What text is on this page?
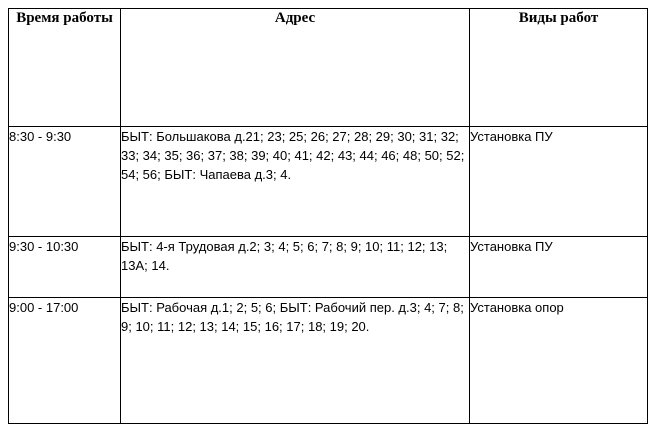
Время работы	Адрес	Виды работ
8:30 - 9:30	БЫТ: Большакова д.21; 23; 25; 26; 27; 28; 29; 30; 31; 32; 33; 34; 35; 36; 37; 38; 39; 40; 41; 42; 43; 44; 46; 48; 50; 52; 54; 56; БЫТ: Чапаева д.3; 4.	Установка ПУ
9:30 - 10:30	БЫТ: 4-я Трудовая д.2; 3; 4; 5; 6; 7; 8; 9; 10; 11; 12; 13; 13А; 14.	Установка ПУ
9:00 - 17:00	БЫТ: Рабочая д.1; 2; 5; 6; БЫТ: Рабочий пер. д.3; 4; 7; 8; 9; 10; 11; 12; 13; 14; 15; 16; 17; 18; 19; 20.	Установка опор
